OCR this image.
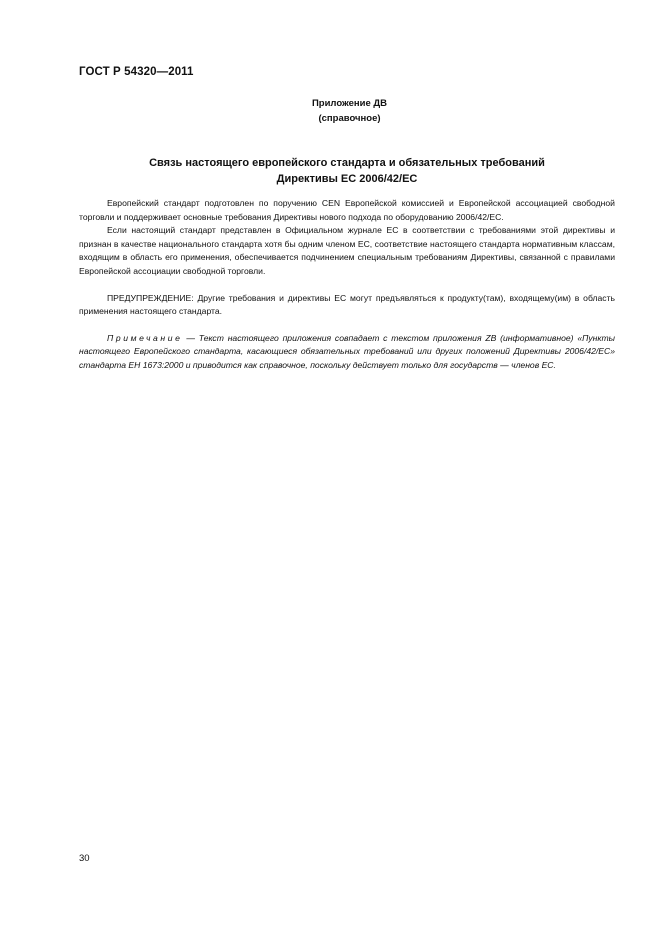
ГОСТ Р 54320—2011
Приложение ДВ
(справочное)
Связь настоящего европейского стандарта и обязательных требований
Директивы ЕС 2006/42/ЕС

Европейский стандарт подготовлен по поручению CEN Европейской комиссией и Европейской ассоциацией свободной торговли и поддерживает основные требования Директивы нового подхода по оборудованию 2006/42/ЕС.

Если настоящий стандарт представлен в Официальном журнале ЕС в соответствии с требованиями этой директивы и признан в качестве национального стандарта хотя бы одним членом ЕС, соответствие настоящего стандарта нормативным классам, входящим в область его применения, обеспечивается подчинением специальным требованиям Директивы, связанной с правилами Европейской ассоциации свободной торговли.

ПРЕДУПРЕЖДЕНИЕ: Другие требования и директивы ЕС могут предъявляться к продукту(там), входящему(им) в область применения настоящего стандарта.

Примечание — Текст настоящего приложения совпадает с текстом приложения ZB (информативное) «Пункты настоящего Европейского стандарта, касающиеся обязательных требований или других положений Директивы 2006/42/ЕС» стандарта ЕН 1673:2000 и приводится как справочное, поскольку действует только для государств — членов ЕС.

30
